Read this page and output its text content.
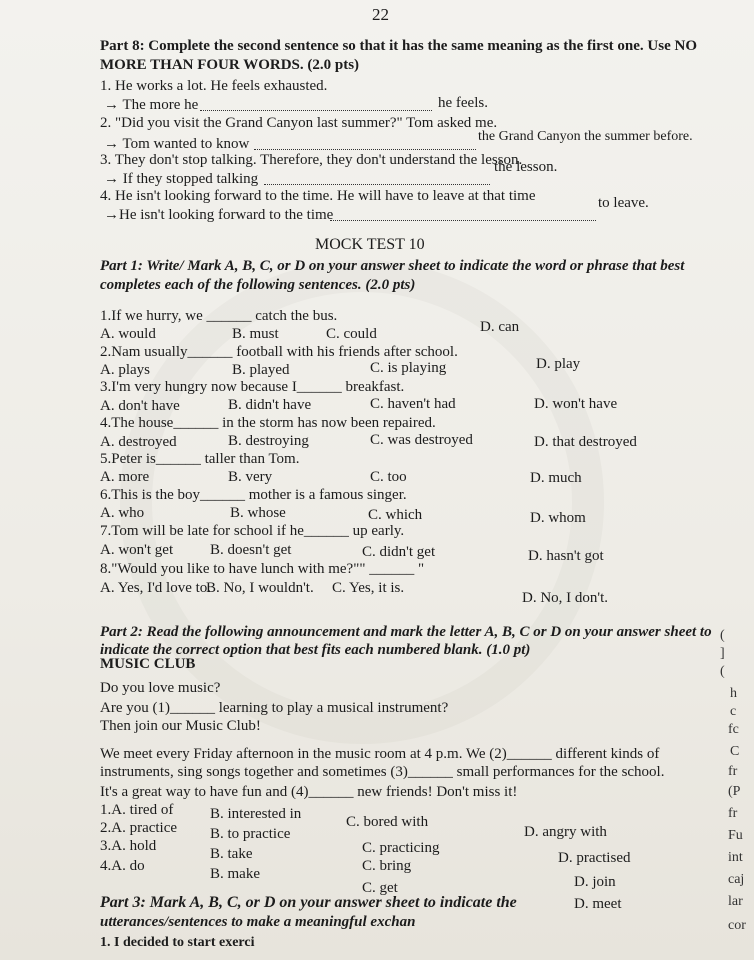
22
Part 8: Complete the second sentence so that it has the same meaning as the first one. Use NO
MORE THAN FOUR WORDS. (2.0 pts)
1. He works a lot. He feels exhausted.
→ The more he	he feels.
2. "Did you visit the Grand Canyon last summer?" Tom asked me.
the Grand Canyon the summer before.
→ Tom wanted to know
3. They don't stop talking. Therefore, they don't understand the lesson.
the lesson.
→ If they stopped talking
4. He isn't looking forward to the time. He will have to leave at that time	to leave.
→He isn't looking forward to the time
MOCK TEST 10
Part 1: Write/ Mark A, B, C, or D on your answer sheet to indicate the word or phrase that best
completes each of the following sentences. (2.0 pts)
1.If we hurry, we ______ catch the bus.
A. would	B. must	C. could	D. can
2.Nam usually______ football with his friends after school.
A. plays	B. played	C. is playing	D. play
3.I'm very hungry now because I______ breakfast.
A. don't have	B. didn't have	C. haven't had	D. won't have
4.The house______ in the storm has now been repaired.
A. destroyed	B. destroying	C. was destroyed	D. that destroyed
5.Peter is______ taller than Tom.
A. more	B. very	C. too	D. much
6.This is the boy______ mother is a famous singer.
A. who	B. whose	C. which	D. whom
7.Tom will be late for school if he______ up early.
A. won't get B. doesn't get	C. didn't get	D. hasn't got
8."Would you like to have lunch with me?"" ______ "
A. Yes, I'd love to.
B. No, I wouldn't. C. Yes, it is.
D. No, I don't.
Part 2: Read the following announcement and mark the letter A, B, C or D on your answer sheet to
indicate the correct option that best fits each numbered blank. (1.0 pt)
MUSIC CLUB
Do you love music?
Are you (1)______ learning to play a musical instrument?
Then join our Music Club!
We meet every Friday afternoon in the music room at 4 p.m. We (2)______ different kinds of
instruments, sing songs together and sometimes (3)______ small performances for the school.
It's a great way to have fun and (4)______ new friends! Don't miss it!
1.A. tired of B. interested in	C. bored with
D. angry with
2.A. practice B. to practice
C. practicing
D. practised
3.A. hold	B. take
C. bring
D. join
4.A. do	B. make
C. get
D. meet
Part 3: Mark A, B, C, or D on your answer sheet to indicate the
utterances/sentences to make a meaningful exchan
1. I decided to start exerci
(
]
(
h
c
fc
C
fr
(P
fr
Fu
int
caj
lar
cor
